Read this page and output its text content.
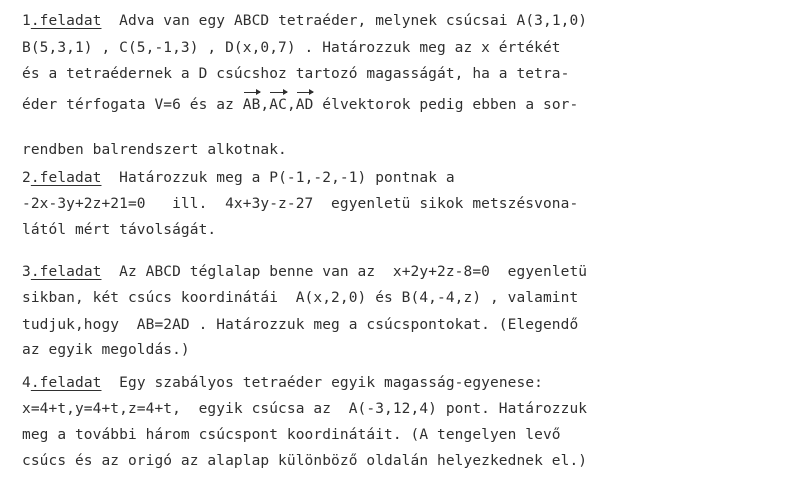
1.feladat Adva van egy ABCD tetraéder, melynek csúcsai A(3,1,0)
B(5,3,1) , C(5,-1,3) , D(x,0,7) . Határozzuk meg az x értékét
és a tetraédernek a D csúcshoz tartozó magasságát, ha a tetra-
éder térfogata V=6 és az AB,AC,AD élvektorok pedig ebben a sor-
rendben balrendszert alkotnak.
2.feladat Határozzuk meg a P(-1,-2,-1) pontnak a
-2x-3y+2z+21=0   ill.  4x+3y-z-27  egyenletü sikok metszésvona-
lától mért távolságát.
3.feladat Az ABCD téglalap benne van az  x+2y+2z-8=0  egyenletü
sikban, két csúcs koordinátái  A(x,2,0) és B(4,-4,z) , valamint
tudjuk,hogy  AB=2AD . Határozzuk meg a csúcspontokat. (Elegendő
az egyik megoldás.)
4.feladat Egy szabályos tetraéder egyik magasság-egyenese:
x=4+t,y=4+t,z=4+t,  egyik csúcsa az  A(-3,12,4) pont. Határozzuk
meg a további három csúcspont koordinátáit. (A tengelyen levő
csúcs és az origó az alaplap különböző oldalán helyezkednek el.)
